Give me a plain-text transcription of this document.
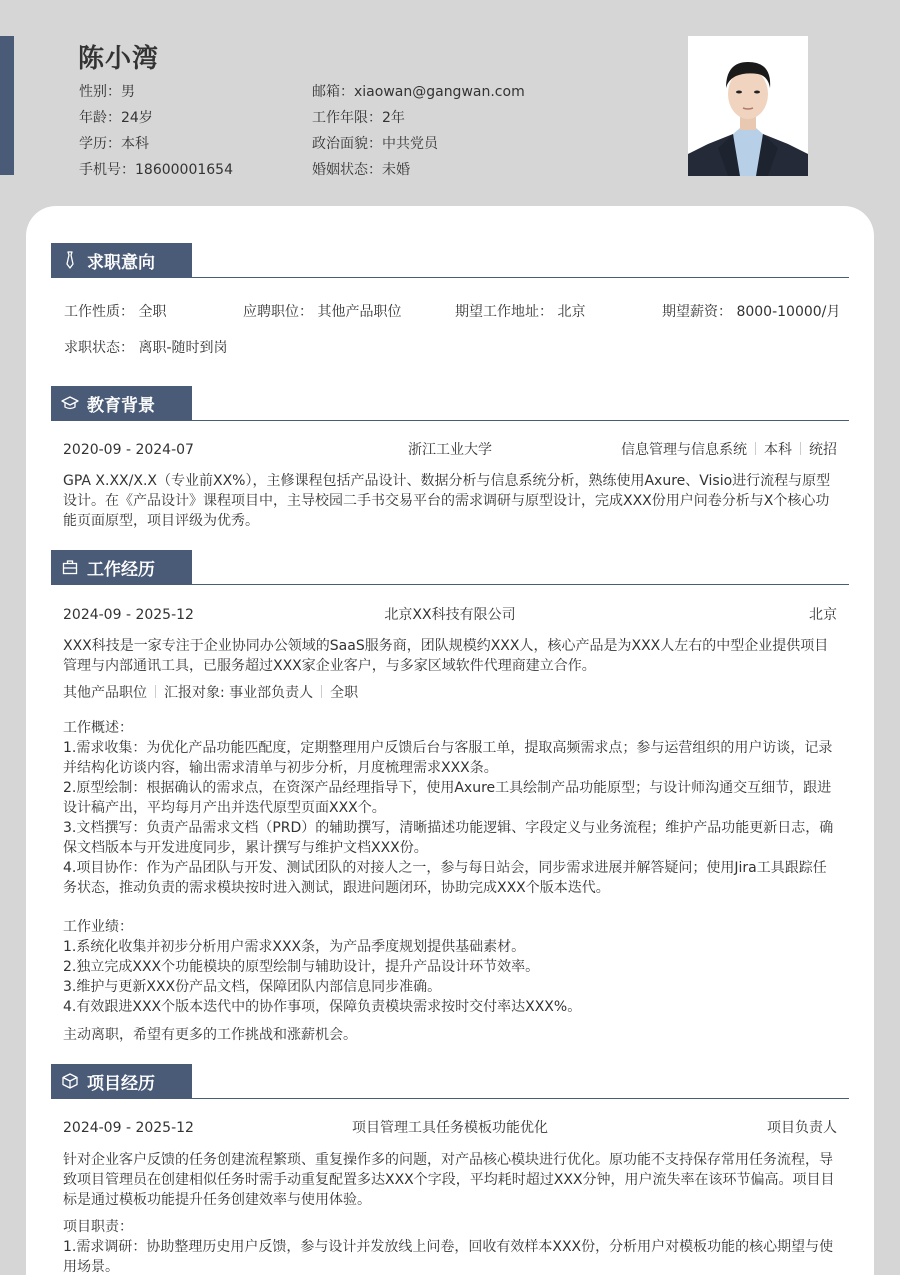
陈小湾
性别：男
年龄：24岁
学历：本科
手机号：18600001654
邮箱：xiaowan@gangwan.com
工作年限：2年
政治面貌：中共党员
婚姻状态：未婚
求职意向
工作性质： 全职	应聘职位： 其他产品职位	期望工作地址： 北京	期望薪资： 8000-10000/月
求职状态： 离职-随时到岗
教育背景
2020-09 - 2024-07	浙江工业大学	信息管理与信息系统 本科 统招
GPA X.XX/X.X（专业前XX%），主修课程包括产品设计、数据分析与信息系统分析，熟练使用Axure、Visio进行流程与原型设计。在《产品设计》课程项目中，主导校园二手书交易平台的需求调研与原型设计，完成XXX份用户问卷分析与X个核心功能页面原型，项目评级为优秀。
工作经历
2024-09 - 2025-12	北京XX科技有限公司	北京
XXX科技是一家专注于企业协同办公领域的SaaS服务商，团队规模约XXX人，核心产品是为XXX人左右的中型企业提供项目管理与内部通讯工具，已服务超过XXX家企业客户，与多家区域软件代理商建立合作。
其他产品职位 汇报对象: 事业部负责人 全职
工作概述：
1.需求收集：为优化产品功能匹配度，定期整理用户反馈后台与客服工单，提取高频需求点；参与运营组织的用户访谈，记录并结构化访谈内容，输出需求清单与初步分析，月度梳理需求XXX条。
2.原型绘制：根据确认的需求点，在资深产品经理指导下，使用Axure工具绘制产品功能原型；与设计师沟通交互细节，跟进设计稿产出，平均每月产出并迭代原型页面XXX个。
3.文档撰写：负责产品需求文档（PRD）的辅助撰写，清晰描述功能逻辑、字段定义与业务流程；维护产品功能更新日志，确保文档版本与开发进度同步，累计撰写与维护文档XXX份。
4.项目协作：作为产品团队与开发、测试团队的对接人之一，参与每日站会，同步需求进展并解答疑问；使用Jira工具跟踪任务状态，推动负责的需求模块按时进入测试，跟进问题闭环，协助完成XXX个版本迭代。
工作业绩：
1.系统化收集并初步分析用户需求XXX条，为产品季度规划提供基础素材。
2.独立完成XXX个功能模块的原型绘制与辅助设计，提升产品设计环节效率。
3.维护与更新XXX份产品文档，保障团队内部信息同步准确。
4.有效跟进XXX个版本迭代中的协作事项，保障负责模块需求按时交付率达XXX%。
主动离职，希望有更多的工作挑战和涨薪机会。
项目经历
2024-09 - 2025-12	项目管理工具任务模板功能优化	项目负责人
针对企业客户反馈的任务创建流程繁琐、重复操作多的问题，对产品核心模块进行优化。原功能不支持保存常用任务流程，导致项目管理员在创建相似任务时需手动重复配置多达XXX个字段，平均耗时超过XXX分钟，用户流失率在该环节偏高。项目目标是通过模板功能提升任务创建效率与使用体验。
项目职责：
1.需求调研：协助整理历史用户反馈，参与设计并发放线上问卷，回收有效样本XXX份，分析用户对模板功能的核心期望与使用场景。
